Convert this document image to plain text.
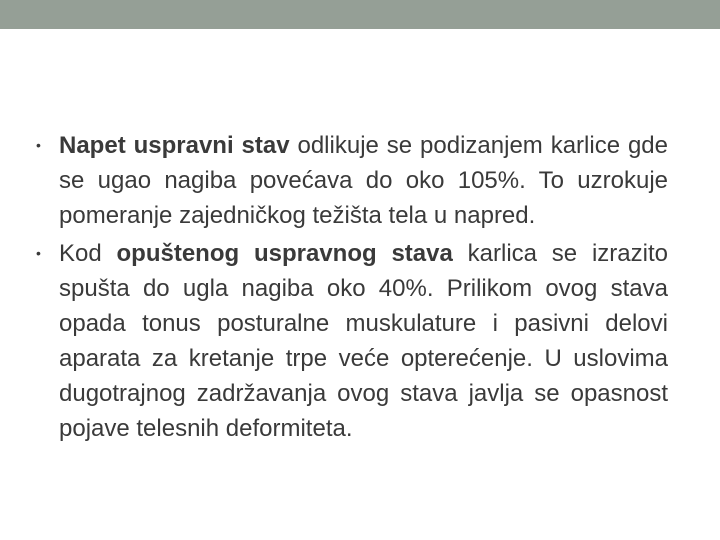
• Napet uspravni stav odlikuje se podizanjem karlice gde se ugao nagiba povećava do oko 105%. To uzrokuje pomeranje zajedničkog težišta tela u napred.
• Kod opuštenog uspravnog stava karlica se izrazito spušta do ugla nagiba oko 40%. Prilikom ovog stava opada tonus posturalne muskulature i pasivni delovi aparata za kretanje trpe veće opterećenje. U uslovima dugotrajnog zadržavanja ovog stava javlja se opasnost pojave telesnih deformiteta.
